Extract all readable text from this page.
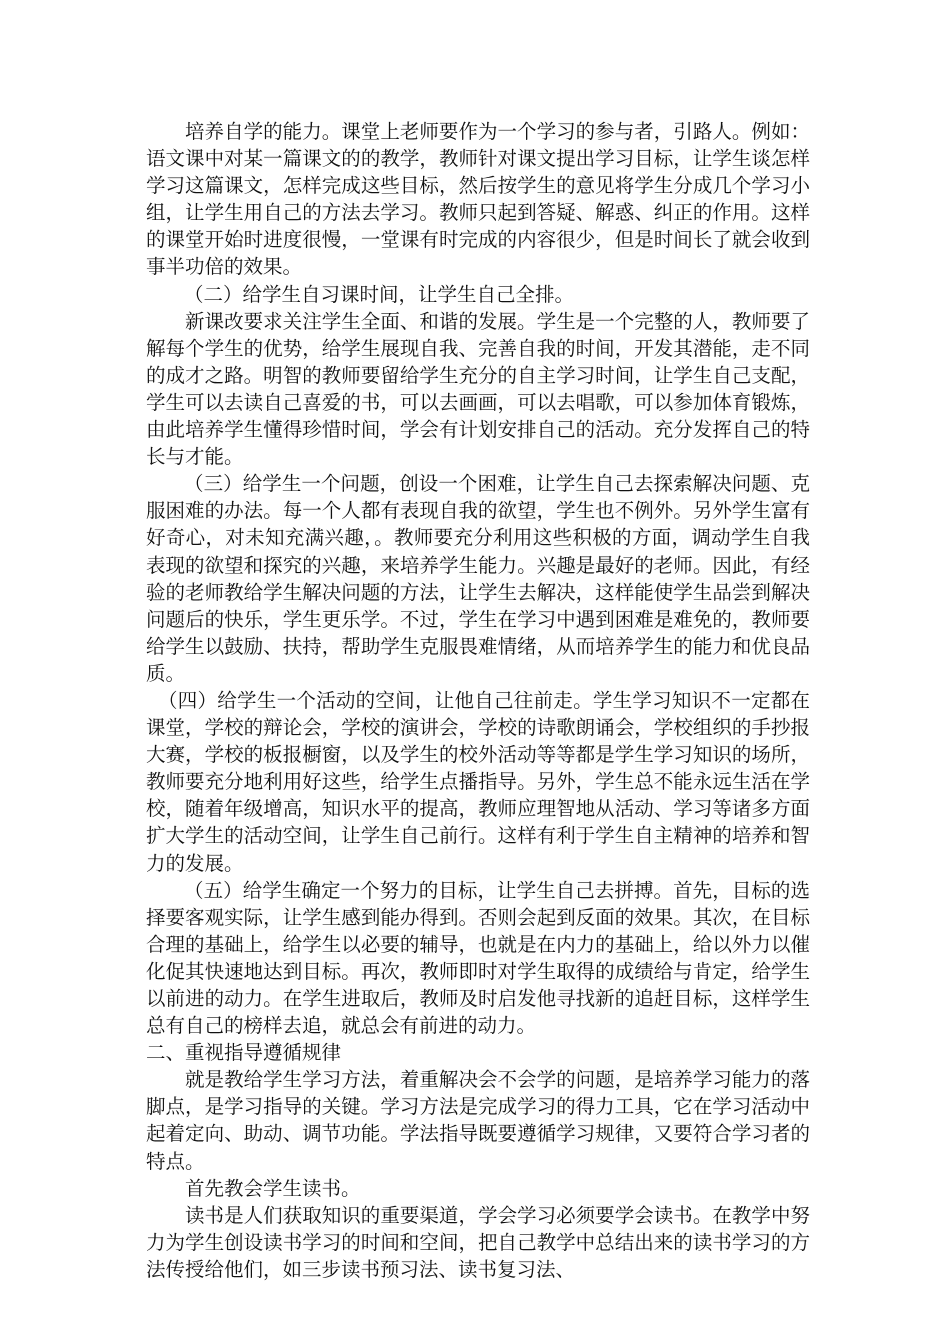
培养自学的能力。课堂上老师要作为一个学习的参与者，引路人。例如：语文课中对某一篇课文的的教学，教师针对课文提出学习目标，让学生谈怎样学习这篇课文，怎样完成这些目标，然后按学生的意见将学生分成几个学习小组，让学生用自己的方法去学习。教师只起到答疑、解惑、纠正的作用。这样的课堂开始时进度很慢，一堂课有时完成的内容很少，但是时间长了就会收到事半功倍的效果。

（二）给学生自习课时间，让学生自己全排。

新课改要求关注学生全面、和谐的发展。学生是一个完整的人，教师要了解每个学生的优势，给学生展现自我、完善自我的时间，开发其潜能，走不同的成才之路。明智的教师要留给学生充分的自主学习时间，让学生自己支配，学生可以去读自己喜爱的书，可以去画画，可以去唱歌，可以参加体育锻炼，由此培养学生懂得珍惜时间，学会有计划安排自己的活动。充分发挥自己的特长与才能。

（三）给学生一个问题，创设一个困难，让学生自己去探索解决问题、克服困难的办法。每一个人都有表现自我的欲望，学生也不例外。另外学生富有好奇心，对未知充满兴趣，。教师要充分利用这些积极的方面，调动学生自我表现的欲望和探究的兴趣，来培养学生能力。兴趣是最好的老师。因此，有经验的老师教给学生解决问题的方法，让学生去解决，这样能使学生品尝到解决问题后的快乐，学生更乐学。不过，学生在学习中遇到困难是难免的，教师要给学生以鼓励、扶持，帮助学生克服畏难情绪，从而培养学生的能力和优良品质。

（四）给学生一个活动的空间，让他自己往前走。学生学习知识不一定都在课堂，学校的辩论会，学校的演讲会，学校的诗歌朗诵会，学校组织的手抄报大赛，学校的板报橱窗，以及学生的校外活动等等都是学生学习知识的场所，教师要充分地利用好这些，给学生点播指导。另外，学生总不能永远生活在学校，随着年级增高，知识水平的提高，教师应理智地从活动、学习等诸多方面扩大学生的活动空间，让学生自己前行。这样有利于学生自主精神的培养和智力的发展。

（五）给学生确定一个努力的目标，让学生自己去拼搏。首先，目标的选择要客观实际，让学生感到能办得到。否则会起到反面的效果。其次，在目标合理的基础上，给学生以必要的辅导，也就是在内力的基础上，给以外力以催化促其快速地达到目标。再次，教师即时对学生取得的成绩给与肯定，给学生以前进的动力。在学生进取后，教师及时启发他寻找新的追赶目标，这样学生总有自己的榜样去追，就总会有前进的动力。

二、重视指导遵循规律

就是教给学生学习方法，着重解决会不会学的问题，是培养学习能力的落脚点，是学习指导的关键。学习方法是完成学习的得力工具，它在学习活动中起着定向、助动、调节功能。学法指导既要遵循学习规律，又要符合学习者的特点。

首先教会学生读书。

读书是人们获取知识的重要渠道，学会学习必须要学会读书。在教学中努力为学生创设读书学习的时间和空间，把自己教学中总结出来的读书学习的方法传授给他们，如三步读书预习法、读书复习法、
